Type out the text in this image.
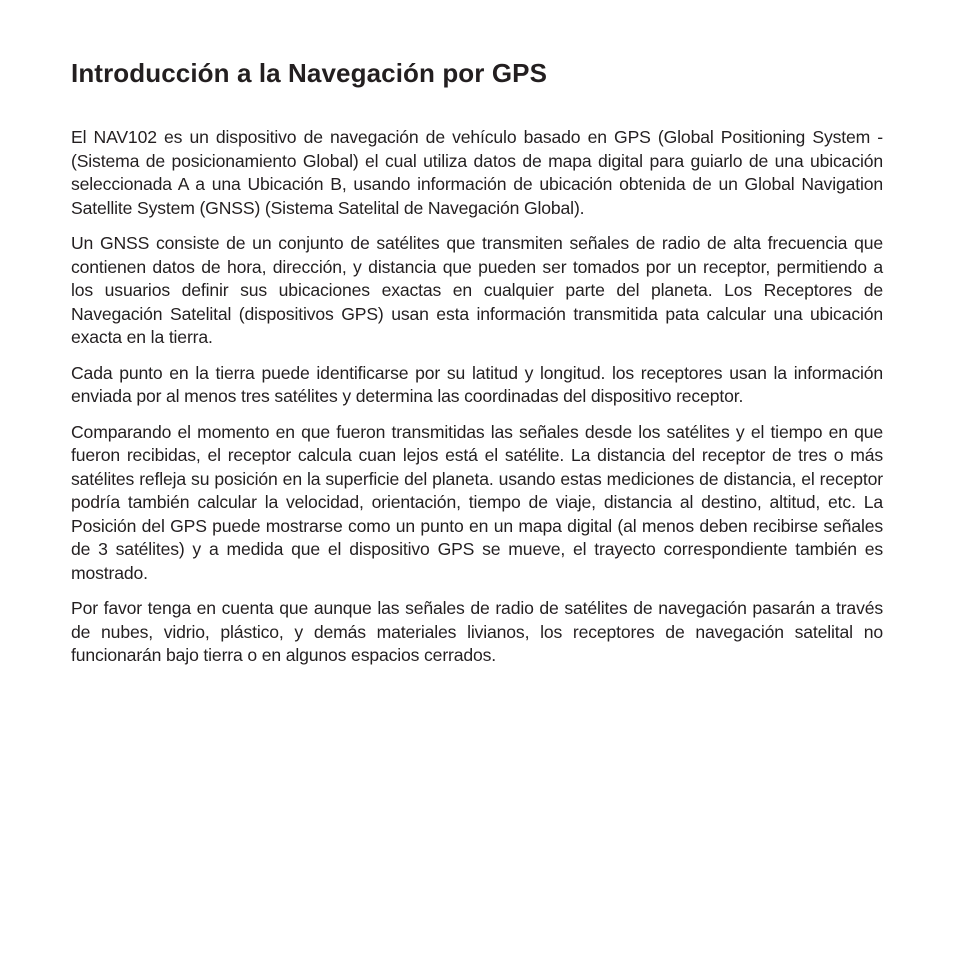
Introducción a la Navegación por GPS

El NAV102 es un dispositivo de navegación de vehículo basado en GPS (Global Positioning System - (Sistema de posicionamiento Global) el cual utiliza datos de mapa digital para guiarlo de una ubicación seleccionada A a una Ubicación B, usando información de ubicación obtenida de un Global Navigation Satellite System (GNSS) (Sistema Satelital de Navegación Global).

Un GNSS consiste de un conjunto de satélites que transmiten señales de radio de alta frecuencia que contienen datos de hora, dirección, y distancia que pueden ser tomados por un receptor, permitiendo a los usuarios definir sus ubicaciones exactas en cualquier parte del planeta. Los Receptores de Navegación Satelital (dispositivos GPS) usan esta información transmitida pata calcular una ubicación exacta en la tierra.

Cada punto en la tierra puede identificarse por su latitud y longitud. los receptores usan la información enviada por al menos tres satélites y determina las coordinadas del dispositivo receptor.

Comparando el momento en que fueron transmitidas las señales desde los satélites y el tiempo en que fueron recibidas, el receptor calcula cuan lejos está el satélite. La distancia del receptor de tres o más satélites refleja su posición en la superficie del planeta. usando estas mediciones de distancia, el receptor podría también calcular la velocidad, orientación, tiempo de viaje, distancia al destino, altitud, etc. La Posición del GPS puede mostrarse como un punto en un mapa digital (al menos deben recibirse señales de 3 satélites) y a medida que el dispositivo GPS se mueve, el trayecto correspondiente también es mostrado.

Por favor tenga en cuenta que aunque las señales de radio de satélites de navegación pasarán a través de nubes, vidrio, plástico, y demás materiales livianos, los receptores de navegación satelital no funcionarán bajo tierra o en algunos espacios cerrados.
